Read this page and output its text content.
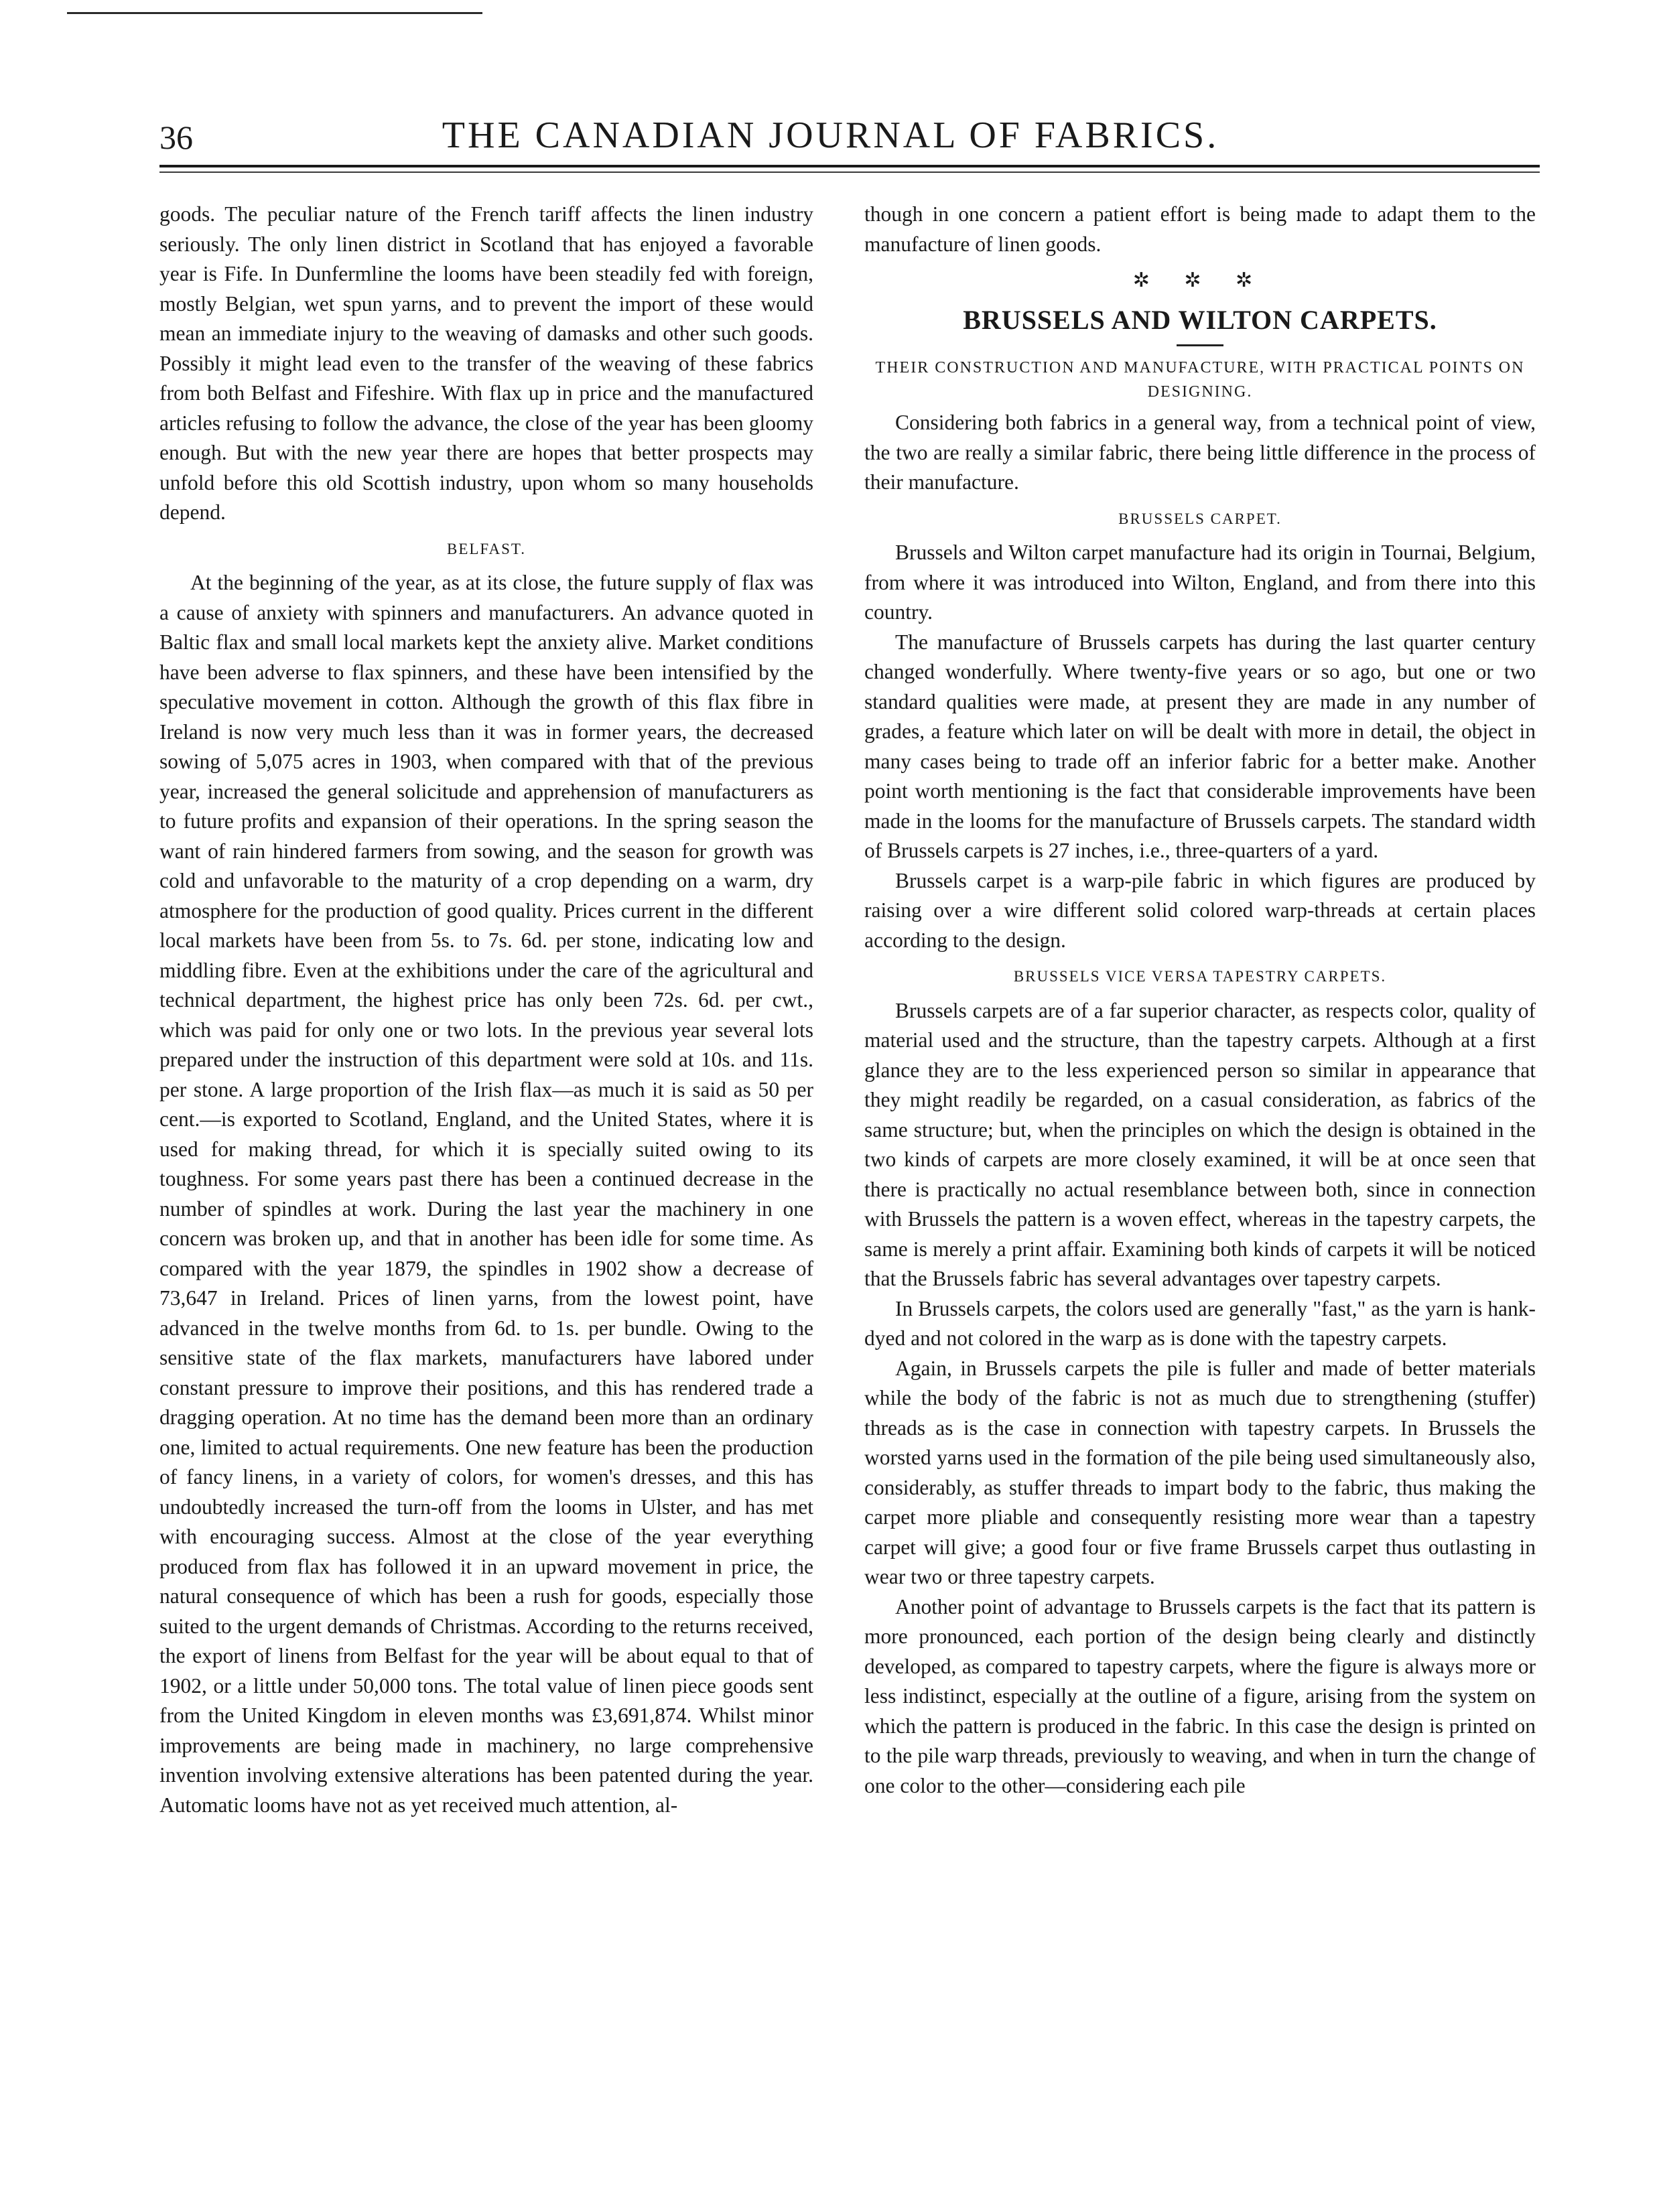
36	THE CANADIAN JOURNAL OF FABRICS.

goods. The peculiar nature of the French tariff affects the linen industry seriously. The only linen district in Scotland that has enjoyed a favorable year is Fife. In Dunfermline the looms have been steadily fed with foreign, mostly Belgian, wet spun yarns, and to prevent the import of these would mean an immediate injury to the weaving of damasks and other such goods. Possibly it might lead even to the transfer of the weaving of these fabrics from both Belfast and Fifeshire. With flax up in price and the manufactured articles refusing to follow the advance, the close of the year has been gloomy enough. But with the new year there are hopes that better prospects may unfold before this old Scottish industry, upon whom so many households depend.

BELFAST.

At the beginning of the year, as at its close, the future supply of flax was a cause of anxiety with spinners and manufacturers. An advance quoted in Baltic flax and small local markets kept the anxiety alive. Market conditions have been adverse to flax spinners, and these have been intensified by the speculative movement in cotton. Although the growth of this flax fibre in Ireland is now very much less than it was in former years, the decreased sowing of 5,075 acres in 1903, when compared with that of the previous year, increased the general solicitude and apprehension of manufacturers as to future profits and expansion of their operations. In the spring season the want of rain hindered farmers from sowing, and the season for growth was cold and unfavorable to the maturity of a crop depending on a warm, dry atmosphere for the production of good quality. Prices current in the different local markets have been from 5s. to 7s. 6d. per stone, indicating low and middling fibre. Even at the exhibitions under the care of the agricultural and technical department, the highest price has only been 72s. 6d. per cwt., which was paid for only one or two lots. In the previous year several lots prepared under the instruction of this department were sold at 10s. and 11s. per stone. A large proportion of the Irish flax—as much it is said as 50 per cent.—is exported to Scotland, England, and the United States, where it is used for making thread, for which it is specially suited owing to its toughness. For some years past there has been a continued decrease in the number of spindles at work. During the last year the machinery in one concern was broken up, and that in another has been idle for some time. As compared with the year 1879, the spindles in 1902 show a decrease of 73,647 in Ireland. Prices of linen yarns, from the lowest point, have advanced in the twelve months from 6d. to 1s. per bundle. Owing to the sensitive state of the flax markets, manufacturers have labored under constant pressure to improve their positions, and this has rendered trade a dragging operation. At no time has the demand been more than an ordinary one, limited to actual requirements. One new feature has been the production of fancy linens, in a variety of colors, for women's dresses, and this has undoubtedly increased the turn-off from the looms in Ulster, and has met with encouraging success. Almost at the close of the year everything produced from flax has followed it in an upward movement in price, the natural consequence of which has been a rush for goods, especially those suited to the urgent demands of Christmas. According to the returns received, the export of linens from Belfast for the year will be about equal to that of 1902, or a little under 50,000 tons. The total value of linen piece goods sent from the United Kingdom in eleven months was £3,691,874. Whilst minor improvements are being made in machinery, no large comprehensive invention involving extensive alterations has been patented during the year. Automatic looms have not as yet received much attention, al-

though in one concern a patient effort is being made to adapt them to the manufacture of linen goods.

✲ ✲ ✲
BRUSSELS AND WILTON CARPETS.
THEIR CONSTRUCTION AND MANUFACTURE, WITH PRACTICAL POINTS ON DESIGNING.

Considering both fabrics in a general way, from a technical point of view, the two are really a similar fabric, there being little difference in the process of their manufacture.

BRUSSELS CARPET.

Brussels and Wilton carpet manufacture had its origin in Tournai, Belgium, from where it was introduced into Wilton, England, and from there into this country.

The manufacture of Brussels carpets has during the last quarter century changed wonderfully. Where twenty-five years or so ago, but one or two standard qualities were made, at present they are made in any number of grades, a feature which later on will be dealt with more in detail, the object in many cases being to trade off an inferior fabric for a better make. Another point worth mentioning is the fact that considerable improvements have been made in the looms for the manufacture of Brussels carpets. The standard width of Brussels carpets is 27 inches, i.e., three-quarters of a yard.

Brussels carpet is a warp-pile fabric in which figures are produced by raising over a wire different solid colored warp-threads at certain places according to the design.

BRUSSELS VICE VERSA TAPESTRY CARPETS.

Brussels carpets are of a far superior character, as respects color, quality of material used and the structure, than the tapestry carpets. Although at a first glance they are to the less experienced person so similar in appearance that they might readily be regarded, on a casual consideration, as fabrics of the same structure; but, when the principles on which the design is obtained in the two kinds of carpets are more closely examined, it will be at once seen that there is practically no actual resemblance between both, since in connection with Brussels the pattern is a woven effect, whereas in the tapestry carpets, the same is merely a print affair. Examining both kinds of carpets it will be noticed that the Brussels fabric has several advantages over tapestry carpets.

In Brussels carpets, the colors used are generally "fast," as the yarn is hank-dyed and not colored in the warp as is done with the tapestry carpets.

Again, in Brussels carpets the pile is fuller and made of better materials while the body of the fabric is not as much due to strengthening (stuffer) threads as is the case in connection with tapestry carpets. In Brussels the worsted yarns used in the formation of the pile being used simultaneously also, considerably, as stuffer threads to impart body to the fabric, thus making the carpet more pliable and consequently resisting more wear than a tapestry carpet will give; a good four or five frame Brussels carpet thus outlasting in wear two or three tapestry carpets.

Another point of advantage to Brussels carpets is the fact that its pattern is more pronounced, each portion of the design being clearly and distinctly developed, as compared to tapestry carpets, where the figure is always more or less indistinct, especially at the outline of a figure, arising from the system on which the pattern is produced in the fabric. In this case the design is printed on to the pile warp threads, previously to weaving, and when in turn the change of one color to the other—considering each pile
